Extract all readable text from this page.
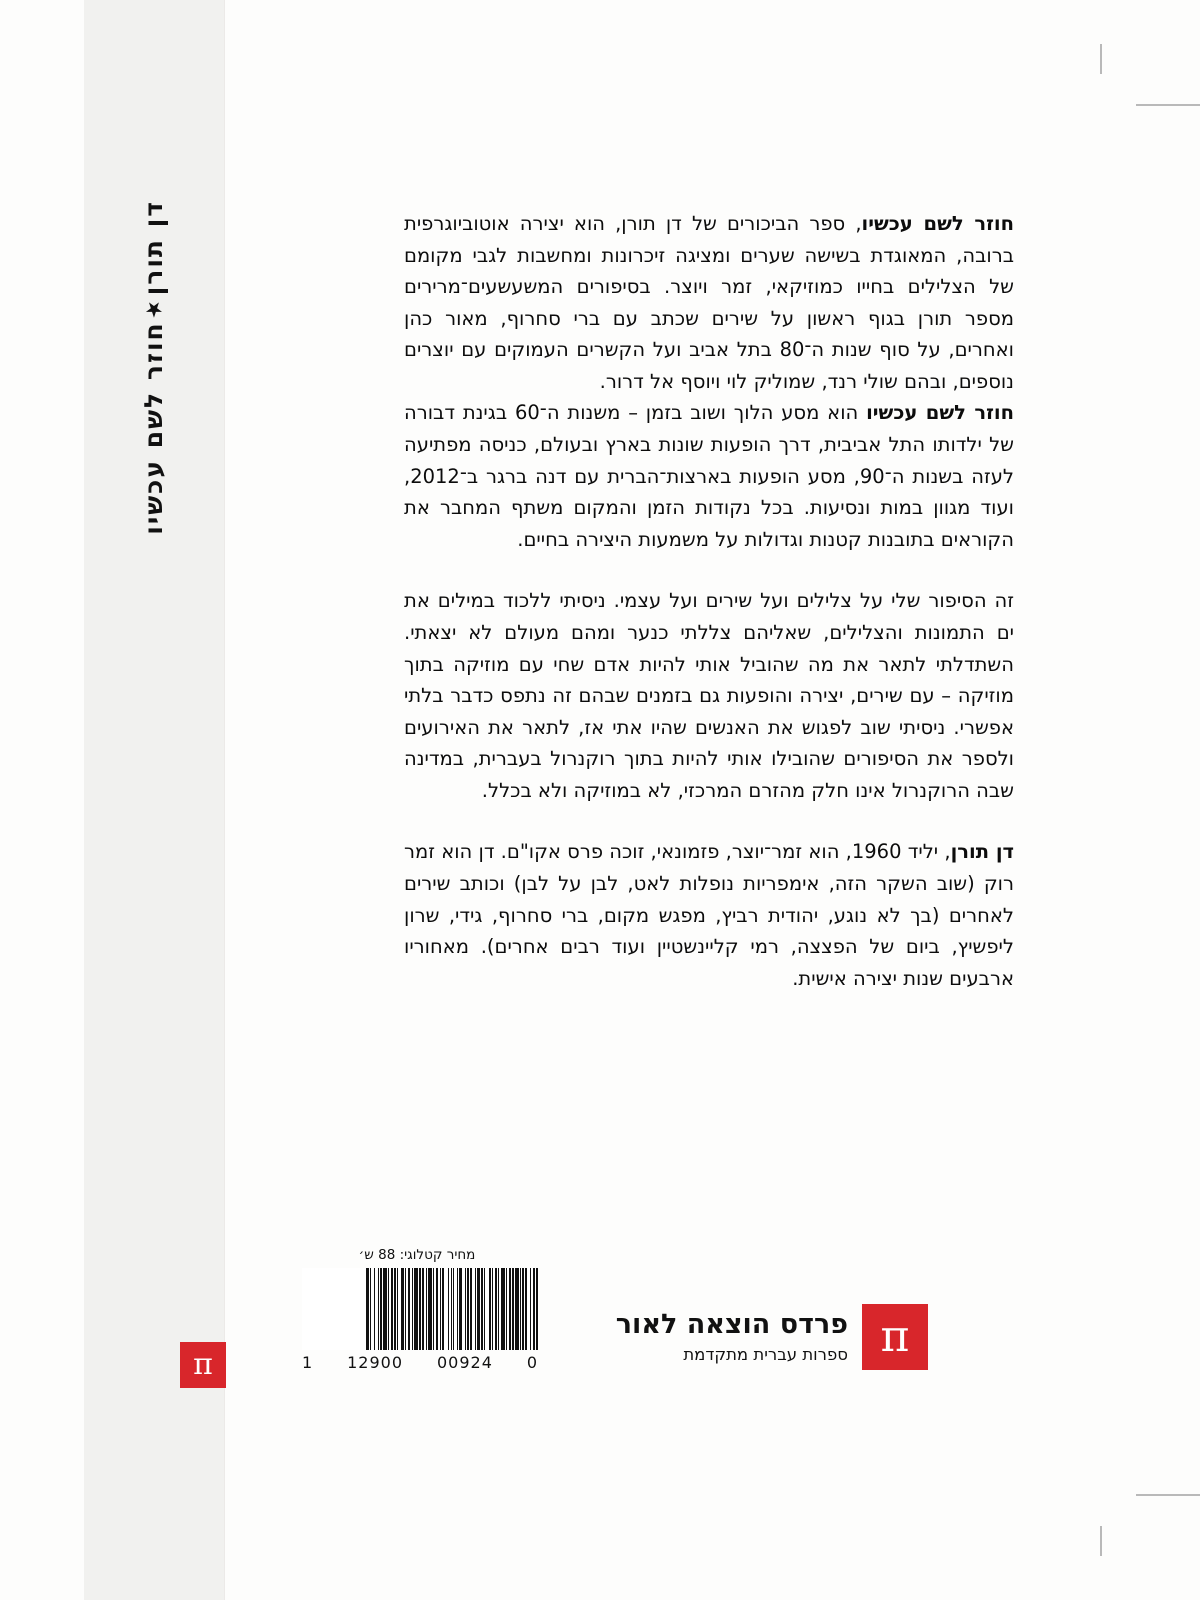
דן תורן★חוזר לשם עכשיו
π

חוזר לשם עכשיו, ספר הביכורים של דן תורן, הוא יצירה אוטוביוגרפית ברובה, המאוגדת בשישה שערים ומציגה זיכרונות ומחשבות לגבי מקומם של הצלילים בחייו כמוזיקאי, זמר ויוצר. בסיפורים המשעשעים־מרירים מספר תורן בגוף ראשון על שירים שכתב עם ברי סחרוף, מאור כהן ואחרים, על סוף שנות ה־80 בתל אביב ועל הקשרים העמוקים עם יוצרים נוספים, ובהם שולי רנד, שמוליק לוי ויוסף אל דרור.

חוזר לשם עכשיו הוא מסע הלוך ושוב בזמן – משנות ה־60 בגינת דבורה של ילדותו התל אביבית, דרך הופעות שונות בארץ ובעולם, כניסה מפתיעה לעזה בשנות ה־90, מסע הופעות בארצות־הברית עם דנה ברגר ב־2012, ועוד מגוון במות ונסיעות. בכל נקודות הזמן והמקום משתף המחבר את הקוראים בתובנות קטנות וגדולות על משמעות היצירה בחיים.

זה הסיפור שלי על צלילים ועל שירים ועל עצמי. ניסיתי ללכוד במילים את ים התמונות והצלילים, שאליהם צללתי כנער ומהם מעולם לא יצאתי. השתדלתי לתאר את מה שהוביל אותי להיות אדם שחי עם מוזיקה בתוך מוזיקה – עם שירים, יצירה והופעות גם בזמנים שבהם זה נתפס כדבר בלתי אפשרי. ניסיתי שוב לפגוש את האנשים שהיו אתי אז, לתאר את האירועים ולספר את הסיפורים שהובילו אותי להיות בתוך רוקנרול בעברית, במדינה שבה הרוקנרול אינו חלק מהזרם המרכזי, לא במוזיקה ולא בכלל.

דן תורן, יליד 1960, הוא זמר־יוצר, פזמונאי, זוכה פרס אקו"ם. דן הוא זמר רוק (שוב השקר הזה, אימפריות נופלות לאט, לבן על לבן) וכותב שירים לאחרים (בך לא נוגע, יהודית רביץ, מפגש מקום, ברי סחרוף, גידי, שרון ליפשיץ, ביום של הפצצה, רמי קליינשטיין ועוד רבים אחרים). מאחוריו ארבעים שנות יצירה אישית.

מחיר קטלוגי: 88 ש׳
1 12900 00924 0
π
פרדס הוצאה לאור
ספרות עברית מתקדמת
